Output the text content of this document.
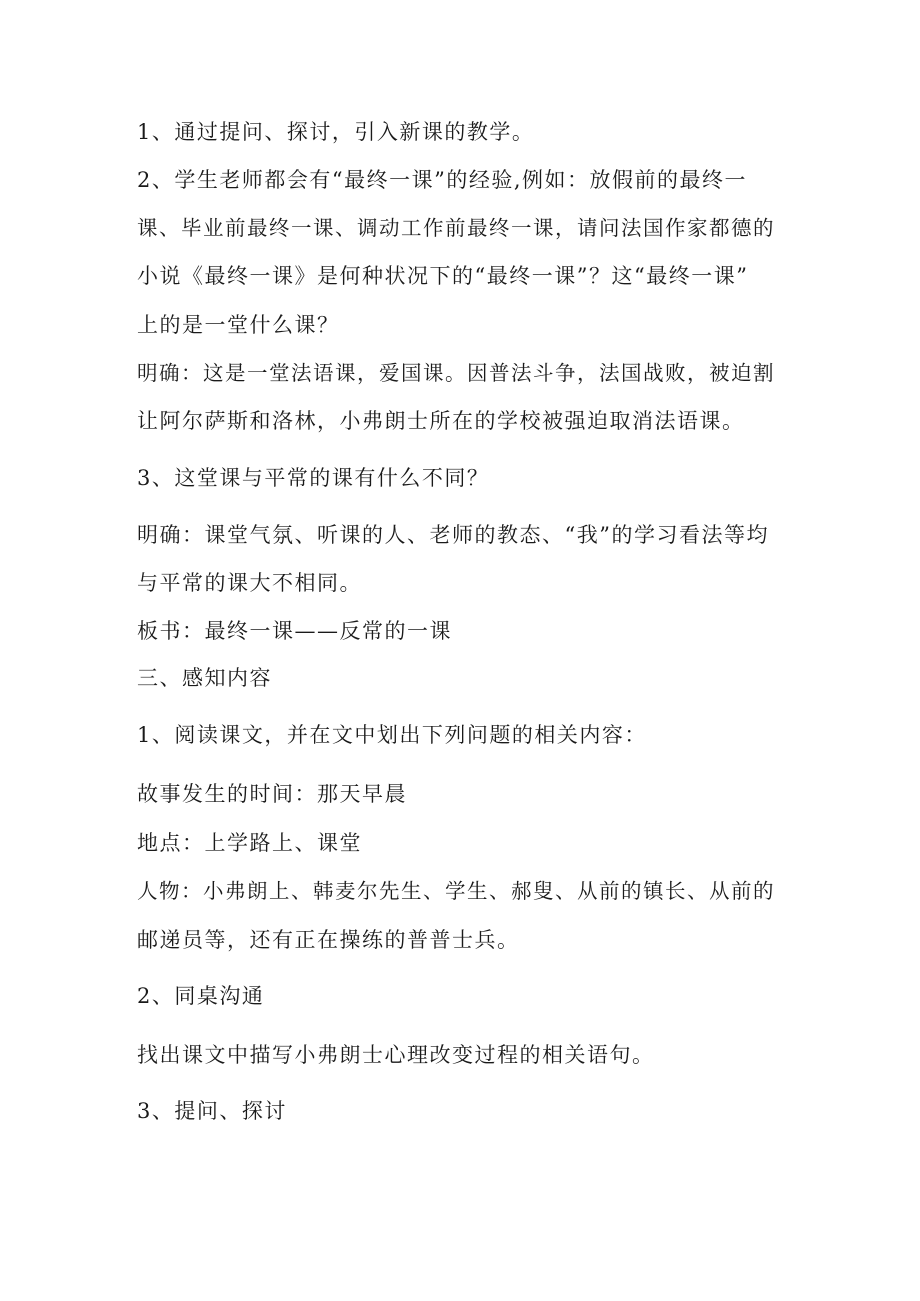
1、通过提问、探讨，引入新课的教学。
2、学生老师都会有“最终一课”的经验,例如：放假前的最终一
课、毕业前最终一课、调动工作前最终一课，请问法国作家都德的
小说《最终一课》是何种状况下的“最终一课”？这“最终一课”
上的是一堂什么课？
明确：这是一堂法语课，爱国课。因普法斗争，法国战败，被迫割
让阿尔萨斯和洛林，小弗朗士所在的学校被强迫取消法语课。
3、这堂课与平常的课有什么不同？
明确：课堂气氛、听课的人、老师的教态、“我”的学习看法等均
与平常的课大不相同。
板书：最终一课——反常的一课
三、感知内容
1、阅读课文，并在文中划出下列问题的相关内容：
故事发生的时间：那天早晨
地点：上学路上、课堂
人物：小弗朗上、韩麦尔先生、学生、郝叟、从前的镇长、从前的
邮递员等，还有正在操练的普普士兵。
2、同桌沟通
找出课文中描写小弗朗士心理改变过程的相关语句。
3、提问、探讨
